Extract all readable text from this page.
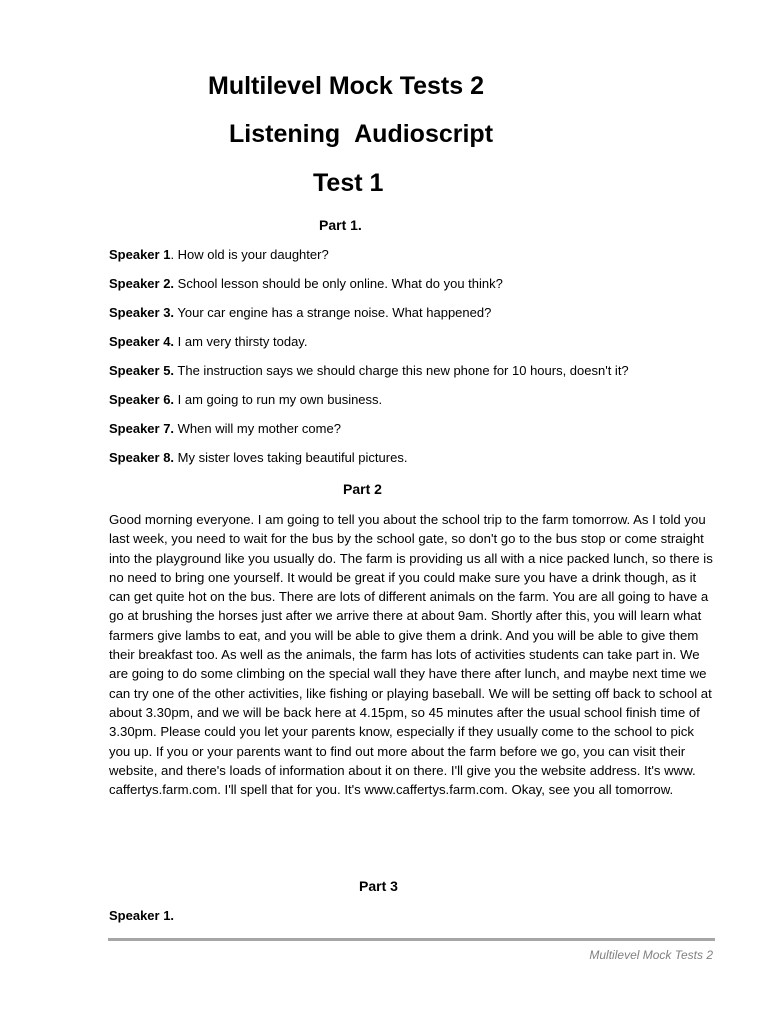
Multilevel Mock Tests 2
Listening Audioscript
Test 1
Part 1.
Speaker 1. How old is your daughter?
Speaker 2. School lesson should be only online. What do you think?
Speaker 3. Your car engine has a strange noise. What happened?
Speaker 4. I am very thirsty today.
Speaker 5. The instruction says we should charge this new phone for 10 hours, doesn't it?
Speaker 6. I am going to run my own business.
Speaker 7. When will my mother come?
Speaker 8. My sister loves taking beautiful pictures.
Part 2

Good morning everyone. I am going to tell you about the school trip to the farm tomorrow. As I told you last week, you need to wait for the bus by the school gate, so don't go to the bus stop or come straight into the playground like you usually do. The farm is providing us all with a nice packed lunch, so there is no need to bring one yourself. It would be great if you could make sure you have a drink though, as it can get quite hot on the bus. There are lots of different animals on the farm. You are all going to have a go at brushing the horses just after we arrive there at about 9am. Shortly after this, you will learn what farmers give lambs to eat, and you will be able to give them a drink. And you will be able to give them their breakfast too. As well as the animals, the farm has lots of activities students can take part in. We are going to do some climbing on the special wall they have there after lunch, and maybe next time we can try one of the other activities, like fishing or playing baseball. We will be setting off back to school at about 3.30pm, and we will be back here at 4.15pm, so 45 minutes after the usual school finish time of 3.30pm. Please could you let your parents know, especially if they usually come to the school to pick you up. If you or your parents want to find out more about the farm before we go, you can visit their website, and there's loads of information about it on there. I'll give you the website address. It's www. caffertys.farm.com. I'll spell that for you. It's www.caffertys.farm.com. Okay, see you all tomorrow.

Part 3
Speaker 1.
Multilevel Mock Tests 2
